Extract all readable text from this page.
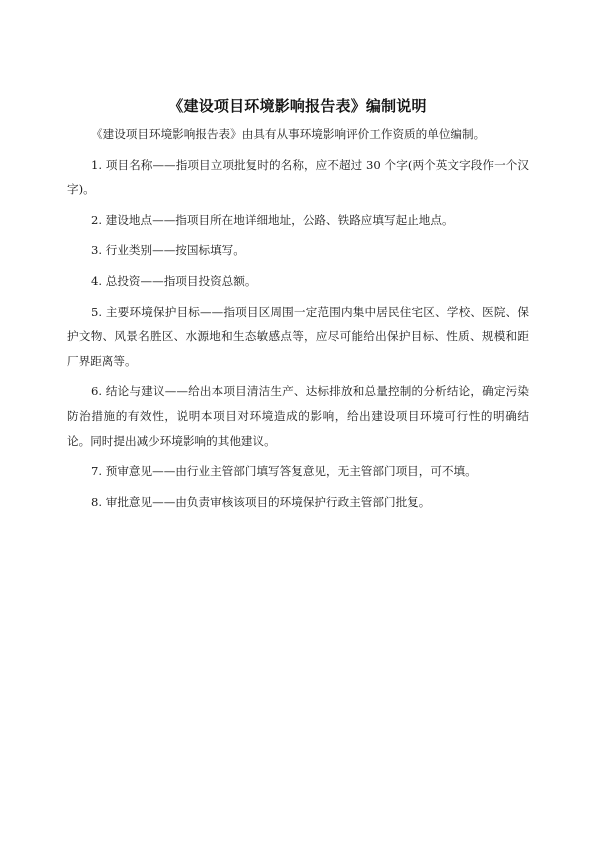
《建设项目环境影响报告表》编制说明

《建设项目环境影响报告表》由具有从事环境影响评价工作资质的单位编制。

1. 项目名称——指项目立项批复时的名称，应不超过 30 个字(两个英文字段作一个汉字)。

2. 建设地点——指项目所在地详细地址，公路、铁路应填写起止地点。

3. 行业类别——按国标填写。

4. 总投资——指项目投资总额。

5. 主要环境保护目标——指项目区周围一定范围内集中居民住宅区、学校、医院、保护文物、风景名胜区、水源地和生态敏感点等，应尽可能给出保护目标、性质、规模和距厂界距离等。

6. 结论与建议——给出本项目清洁生产、达标排放和总量控制的分析结论，确定污染防治措施的有效性，说明本项目对环境造成的影响，给出建设项目环境可行性的明确结论。同时提出减少环境影响的其他建议。

7. 预审意见——由行业主管部门填写答复意见，无主管部门项目，可不填。

8. 审批意见——由负责审核该项目的环境保护行政主管部门批复。
